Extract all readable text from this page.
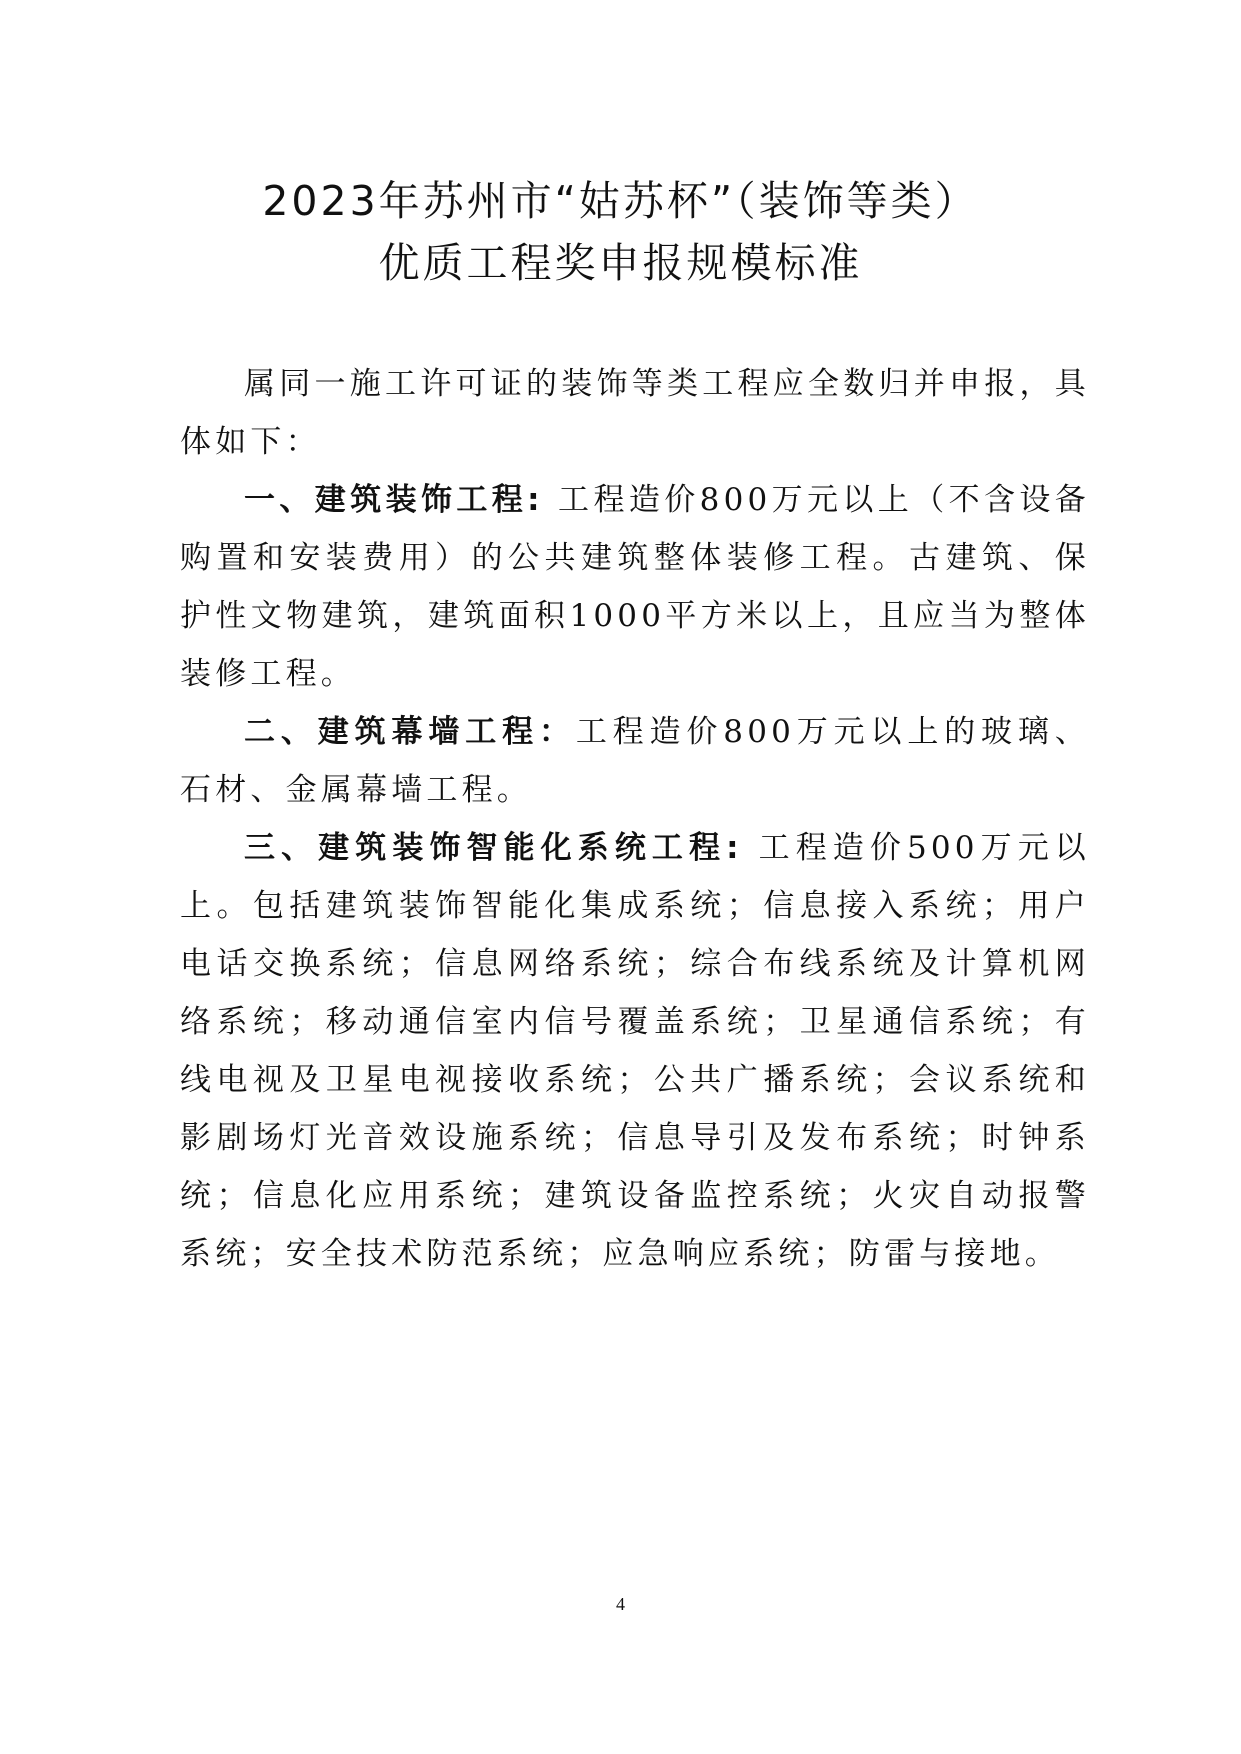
2023年苏州市“姑苏杯”（装饰等类）
优质工程奖申报规模标准

属同一施工许可证的装饰等类工程应全数归并申报，具体如下：

一、建筑装饰工程: 工程造价800万元以上（不含设备购置和安装费用）的公共建筑整体装修工程。古建筑、保护性文物建筑，建筑面积1000平方米以上，且应当为整体装修工程。

二、建筑幕墙工程：工程造价800万元以上的玻璃、石材、金属幕墙工程。

三、建筑装饰智能化系统工程: 工程造价500万元以上。包括建筑装饰智能化集成系统；信息接入系统；用户电话交换系统；信息网络系统；综合布线系统及计算机网络系统；移动通信室内信号覆盖系统；卫星通信系统；有线电视及卫星电视接收系统；公共广播系统；会议系统和影剧场灯光音效设施系统；信息导引及发布系统；时钟系统；信息化应用系统；建筑设备监控系统；火灾自动报警系统；安全技术防范系统；应急响应系统；防雷与接地。

4
